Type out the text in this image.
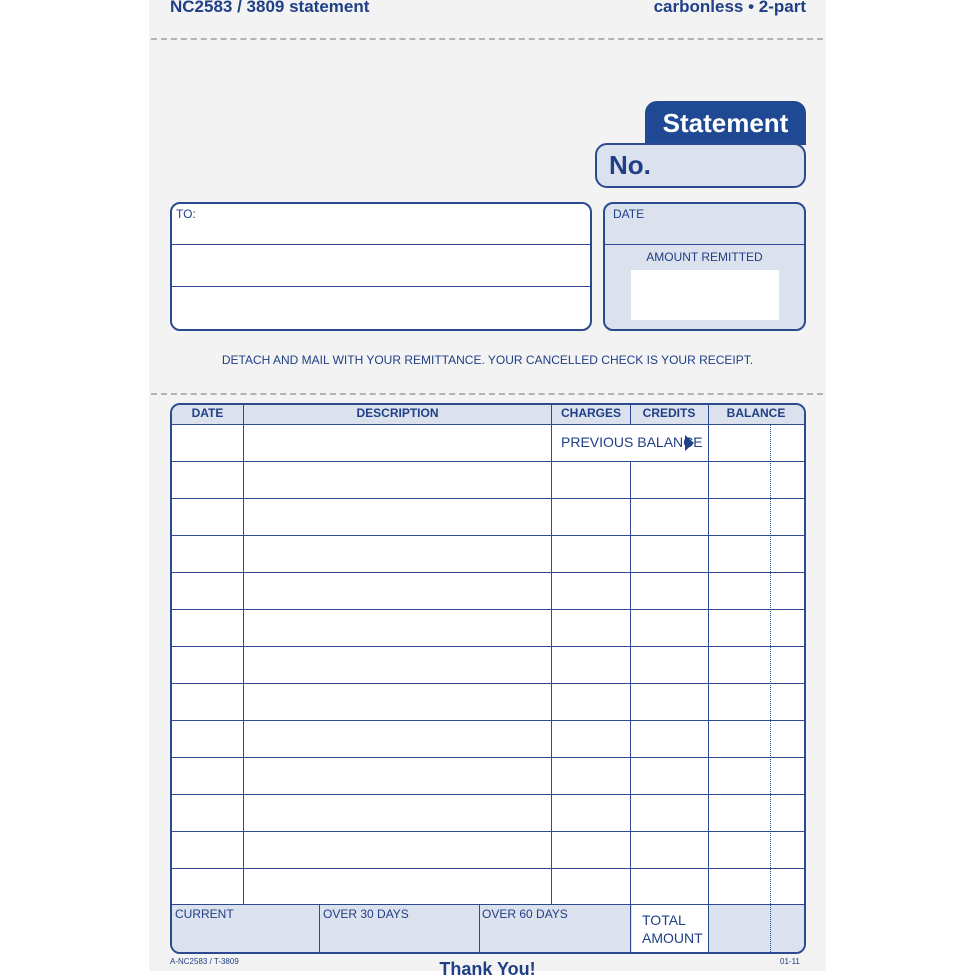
NC2583 / 3809 statement	carbonless • 2-part
Statement
No.
TO:	DATE
AMOUNT REMITTED
DETACH AND MAIL WITH YOUR REMITTANCE. YOUR CANCELLED CHECK IS YOUR RECEIPT.
DATE	DESCRIPTION	CHARGES	CREDITS	BALANCE
PREVIOUS BALANCE
CURRENT	OVER 30 DAYS	OVER 60 DAYS	TOTAL
AMOUNT
A-NC2583 / T-3809	01-11
Thank You!
